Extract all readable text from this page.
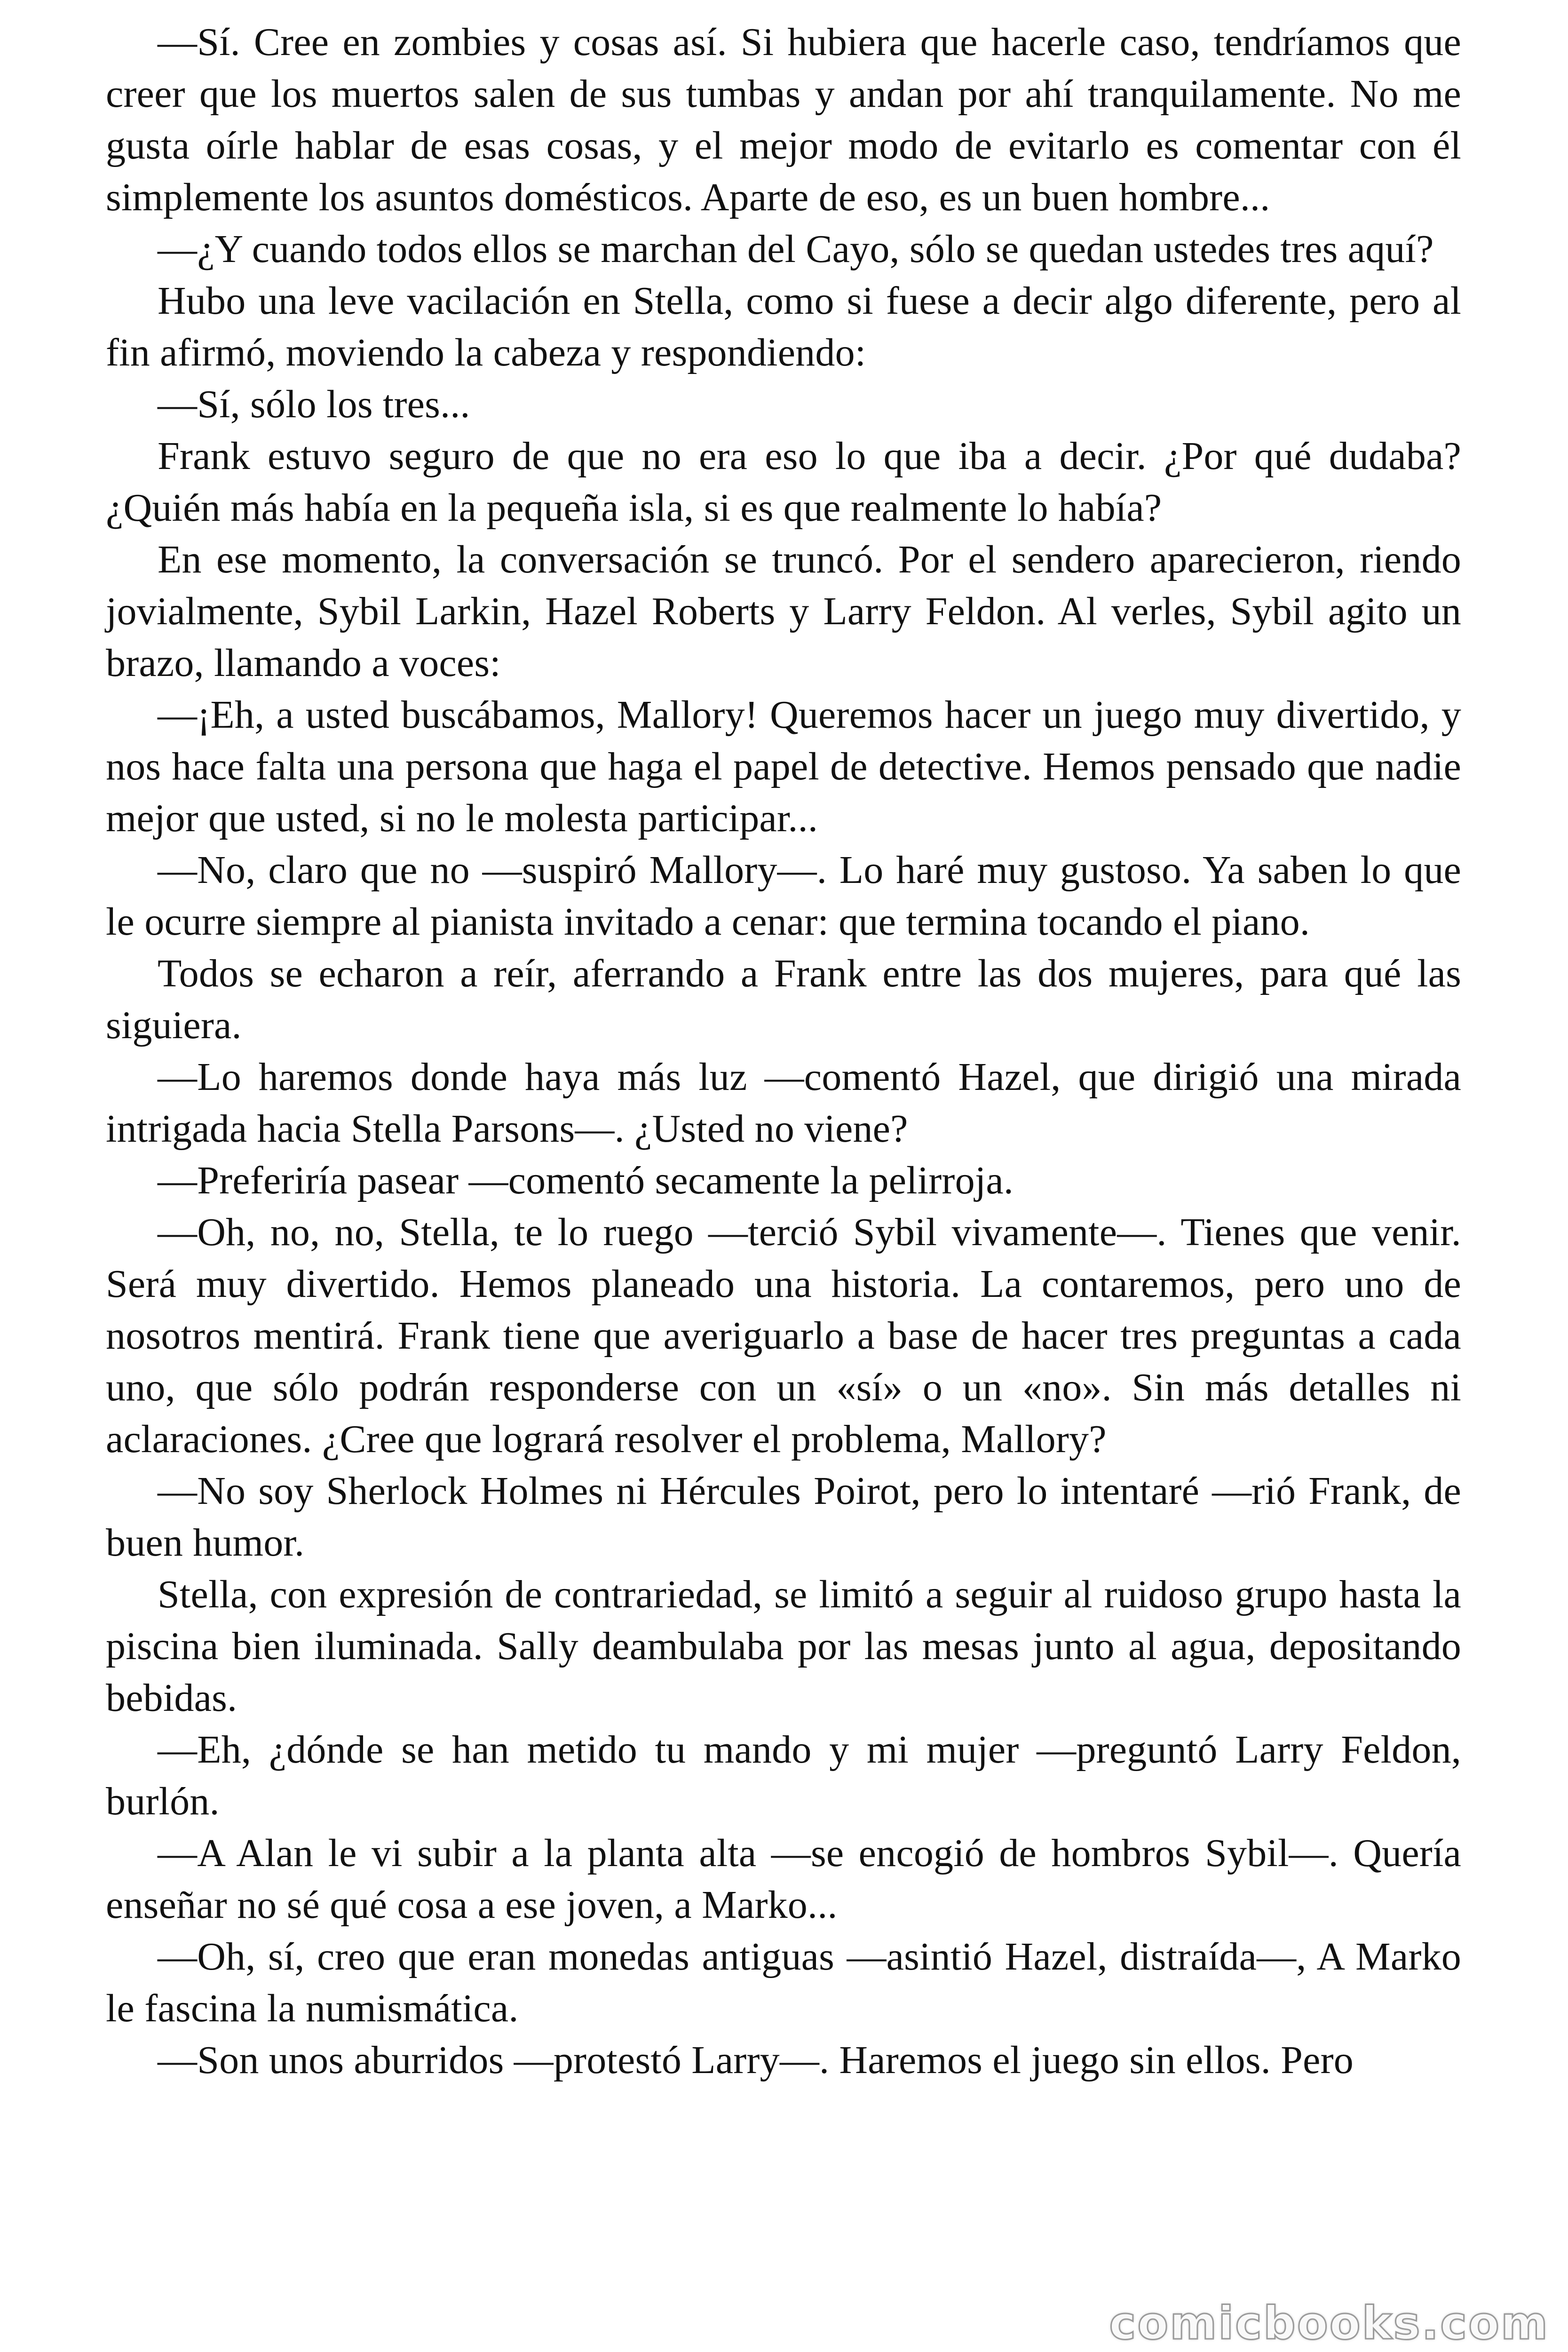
—Sí. Cree en zombies y cosas así. Si hubiera que hacerle caso, tendríamos que creer que los muertos salen de sus tumbas y andan por ahí tranquilamente. No me gusta oírle hablar de esas cosas, y el mejor modo de evitarlo es comentar con él simplemente los asuntos domésticos. Aparte de eso, es un buen hombre...

—¿Y cuando todos ellos se marchan del Cayo, sólo se quedan ustedes tres aquí?

Hubo una leve vacilación en Stella, como si fuese a decir algo diferente, pero al fin afirmó, moviendo la cabeza y respondiendo:

—Sí, sólo los tres...

Frank estuvo seguro de que no era eso lo que iba a decir. ¿Por qué dudaba? ¿Quién más había en la pequeña isla, si es que realmente lo había?

En ese momento, la conversación se truncó. Por el sendero aparecieron, riendo jovialmente, Sybil Larkin, Hazel Roberts y Larry Feldon. Al verles, Sybil agito un brazo, llamando a voces:

—¡Eh, a usted buscábamos, Mallory! Queremos hacer un juego muy divertido, y nos hace falta una persona que haga el papel de detective. Hemos pensado que nadie mejor que usted, si no le molesta participar...

—No, claro que no —suspiró Mallory—. Lo haré muy gustoso. Ya saben lo que le ocurre siempre al pianista invitado a cenar: que termina tocando el piano.

Todos se echaron a reír, aferrando a Frank entre las dos mujeres, para qué las siguiera.

—Lo haremos donde haya más luz —comentó Hazel, que dirigió una mirada intrigada hacia Stella Parsons—. ¿Usted no viene?

—Preferiría pasear —comentó secamente la pelirroja.

—Oh, no, no, Stella, te lo ruego —terció Sybil vivamente—. Tienes que venir. Será muy divertido. Hemos planeado una historia. La contaremos, pero uno de nosotros mentirá. Frank tiene que averiguarlo a base de hacer tres preguntas a cada uno, que sólo podrán responderse con un «sí» o un «no». Sin más detalles ni aclaraciones. ¿Cree que logrará resolver el problema, Mallory?

—No soy Sherlock Holmes ni Hércules Poirot, pero lo intentaré —rió Frank, de buen humor.

Stella, con expresión de contrariedad, se limitó a seguir al ruidoso grupo hasta la piscina bien iluminada. Sally deambulaba por las mesas junto al agua, depositando bebidas.

—Eh, ¿dónde se han metido tu mando y mi mujer —preguntó Larry Feldon, burlón.

—A Alan le vi subir a la planta alta —se encogió de hombros Sybil—. Quería enseñar no sé qué cosa a ese joven, a Marko...

—Oh, sí, creo que eran monedas antiguas —asintió Hazel, distraída—, A Marko le fascina la numismática.

—Son unos aburridos —protestó Larry—. Haremos el juego sin ellos. Pero

comicbooks.com
